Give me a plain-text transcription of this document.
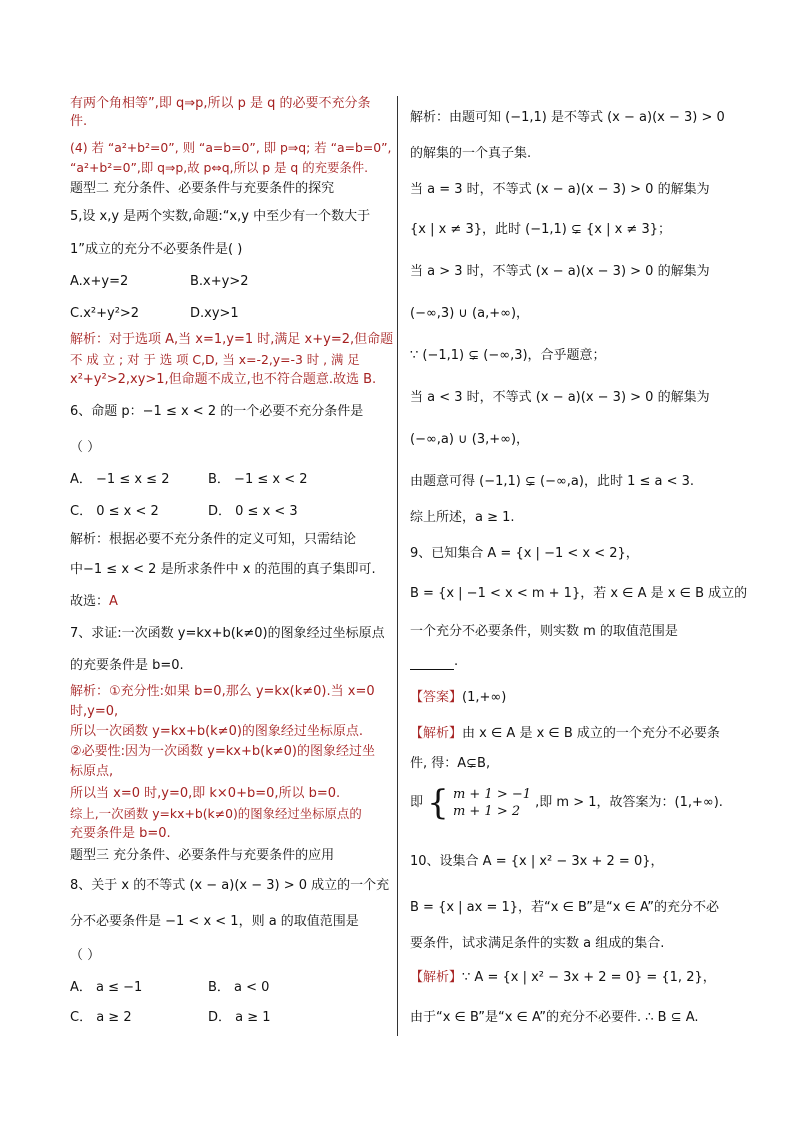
有两个角相等”,即 q⇒p,所以 p 是 q 的必要不充分条
件.
(4) 若 “a²+b²=0”, 则 “a=b=0”, 即 p⇒q; 若 “a=b=0”,
“a²+b²=0”,即 q⇒p,故 p⇔q,所以 p 是 q 的充要条件.
题型二 充分条件、必要条件与充要条件的探究
5,设 x,y 是两个实数,命题:“x,y 中至少有一个数大于
1”成立的充分不必要条件是( )
A.x+y=2	B.x+y>2
C.x²+y²>2	D.xy>1
解析：对于选项 A,当 x=1,y=1 时,满足 x+y=2,但命题
不 成 立 ; 对 于 选 项 C,D, 当 x=-2,y=-3 时 , 满 足
x²+y²>2,xy>1,但命题不成立,也不符合题意.故选 B.
6、命题 p：−1 ≤ x < 2 的一个必要不充分条件是
（ ）
A． −1 ≤ x ≤ 2	B． −1 ≤ x < 2
C． 0 ≤ x < 2	D． 0 ≤ x < 3
解析：根据必要不充分条件的定义可知，只需结论
中−1 ≤ x < 2 是所求条件中 x 的范围的真子集即可.
故选：A
7、求证:一次函数 y=kx+b(k≠0)的图象经过坐标原点
的充要条件是 b=0.
解析：①充分性:如果 b=0,那么 y=kx(k≠0).当 x=0
时,y=0,
所以一次函数 y=kx+b(k≠0)的图象经过坐标原点.
②必要性:因为一次函数 y=kx+b(k≠0)的图象经过坐
标原点,
所以当 x=0 时,y=0,即 k×0+b=0,所以 b=0.
综上,一次函数 y=kx+b(k≠0)的图象经过坐标原点的
充要条件是 b=0.
题型三 充分条件、必要条件与充要条件的应用
8、关于 x 的不等式 (x − a)(x − 3) > 0 成立的一个充
分不必要条件是 −1 < x < 1，则 a 的取值范围是
（ ）
A． a ≤ −1	B． a < 0
C． a ≥ 2	D． a ≥ 1
解析：由题可知 (−1,1) 是不等式 (x − a)(x − 3) > 0
的解集的一个真子集.
当 a = 3 时，不等式 (x − a)(x − 3) > 0 的解集为
{x | x ≠ 3}，此时 (−1,1) ⊊ {x | x ≠ 3}；
当 a > 3 时，不等式 (x − a)(x − 3) > 0 的解集为
(−∞,3) ∪ (a,+∞)，
∵ (−1,1) ⊊ (−∞,3)，合乎题意；
当 a < 3 时，不等式 (x − a)(x − 3) > 0 的解集为
(−∞,a) ∪ (3,+∞)，
由题意可得 (−1,1) ⊊ (−∞,a)，此时 1 ≤ a < 3.
综上所述，a ≥ 1.
9、已知集合 A = {x | −1 < x < 2}，
B = {x | −1 < x < m + 1}，若 x ∈ A 是 x ∈ B 成立的
一个充分不必要条件，则实数 m 的取值范围是
.
【答案】(1,+∞)
【解析】由 x ∈ A 是 x ∈ B 成立的一个充分不必要条
件, 得：A⊊B,
即 { m + 1 > −1
m + 1 > 2
,即 m > 1，故答案为：(1,+∞).
10、设集合 A = {x | x² − 3x + 2 = 0}，
B = {x | ax = 1}，若“x ∈ B”是“x ∈ A”的充分不必
要条件，试求满足条件的实数 a 组成的集合.
【解析】∵ A = {x | x² − 3x + 2 = 0} = {1, 2}，
由于“x ∈ B”是“x ∈ A”的充分不必要件. ∴ B ⊆ A.
